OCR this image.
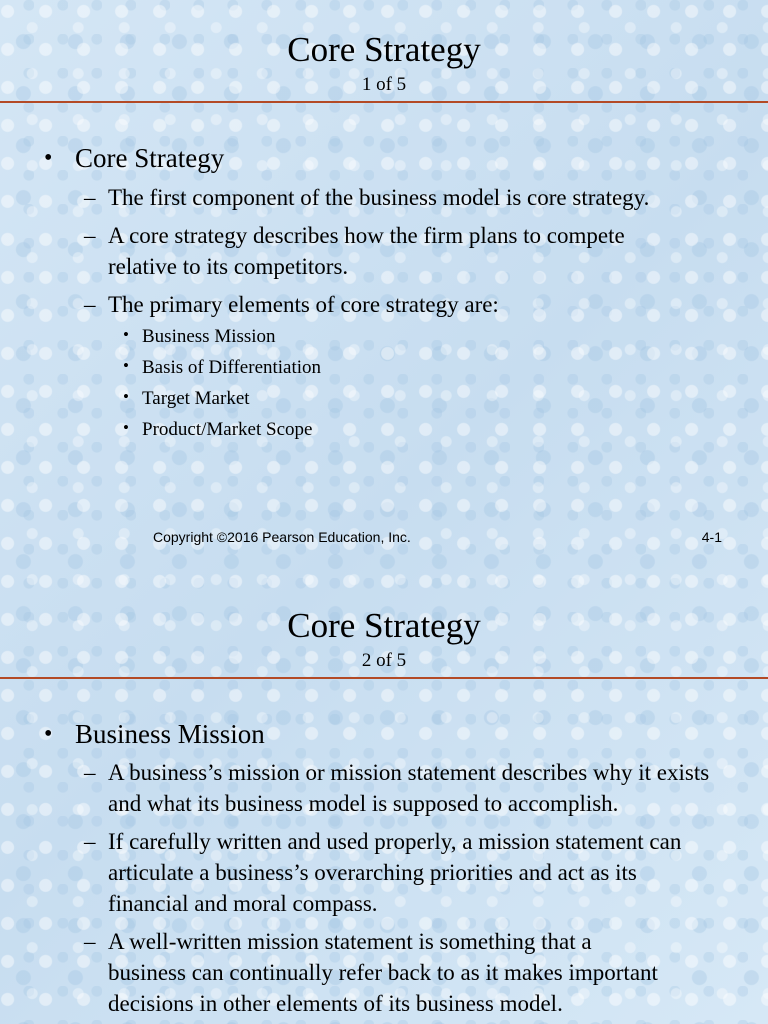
Core Strategy
1 of 5
• Core Strategy
– The first component of the business model is core strategy.
– A core strategy describes how the firm plans to compete relative to its competitors.
– The primary elements of core strategy are:
• Business Mission
• Basis of Differentiation
• Target Market
• Product/Market Scope
Copyright ©2016 Pearson Education, Inc.	4-1
Core Strategy
2 of 5
• Business Mission
– A business’s mission or mission statement describes why it exists and what its business model is supposed to accomplish.
– If carefully written and used properly, a mission statement can articulate a business’s overarching priorities and act as its financial and moral compass.
– A well-written mission statement is something that a business can continually refer back to as it makes important decisions in other elements of its business model.
